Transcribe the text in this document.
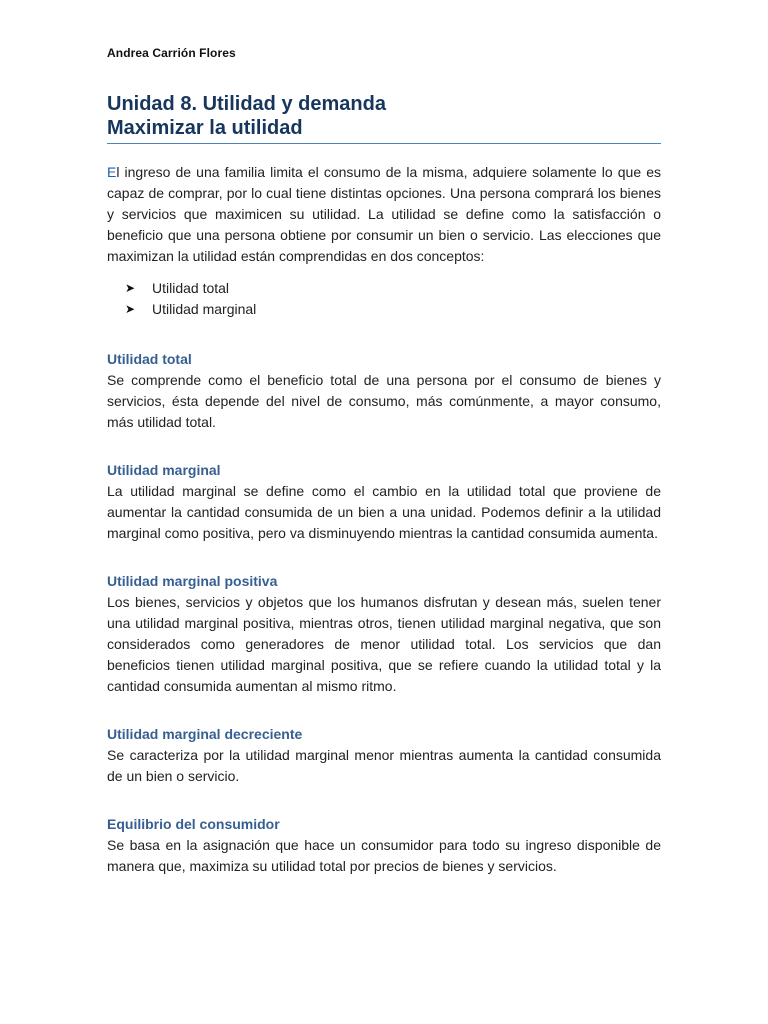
Andrea Carrión Flores
Unidad 8. Utilidad y demanda
Maximizar la utilidad

El ingreso de una familia limita el consumo de la misma, adquiere solamente lo que es capaz de comprar, por lo cual tiene distintas opciones. Una persona comprará los bienes y servicios que maximicen su utilidad. La utilidad se define como la satisfacción o beneficio que una persona obtiene por consumir un bien o servicio. Las elecciones que maximizan la utilidad están comprendidas en dos conceptos:

➤ Utilidad total
➤ Utilidad marginal
Utilidad total

Se comprende como el beneficio total de una persona por el consumo de bienes y servicios, ésta depende del nivel de consumo, más comúnmente, a mayor consumo, más utilidad total.

Utilidad marginal

La utilidad marginal se define como el cambio en la utilidad total que proviene de aumentar la cantidad consumida de un bien a una unidad. Podemos definir a la utilidad marginal como positiva, pero va disminuyendo mientras la cantidad consumida aumenta.

Utilidad marginal positiva

Los bienes, servicios y objetos que los humanos disfrutan y desean más, suelen tener una utilidad marginal positiva, mientras otros, tienen utilidad marginal negativa, que son considerados como generadores de menor utilidad total. Los servicios que dan beneficios tienen utilidad marginal positiva, que se refiere cuando la utilidad total y la cantidad consumida aumentan al mismo ritmo.

Utilidad marginal decreciente

Se caracteriza por la utilidad marginal menor mientras aumenta la cantidad consumida de un bien o servicio.

Equilibrio del consumidor

Se basa en la asignación que hace un consumidor para todo su ingreso disponible de manera que, maximiza su utilidad total por precios de bienes y servicios.
